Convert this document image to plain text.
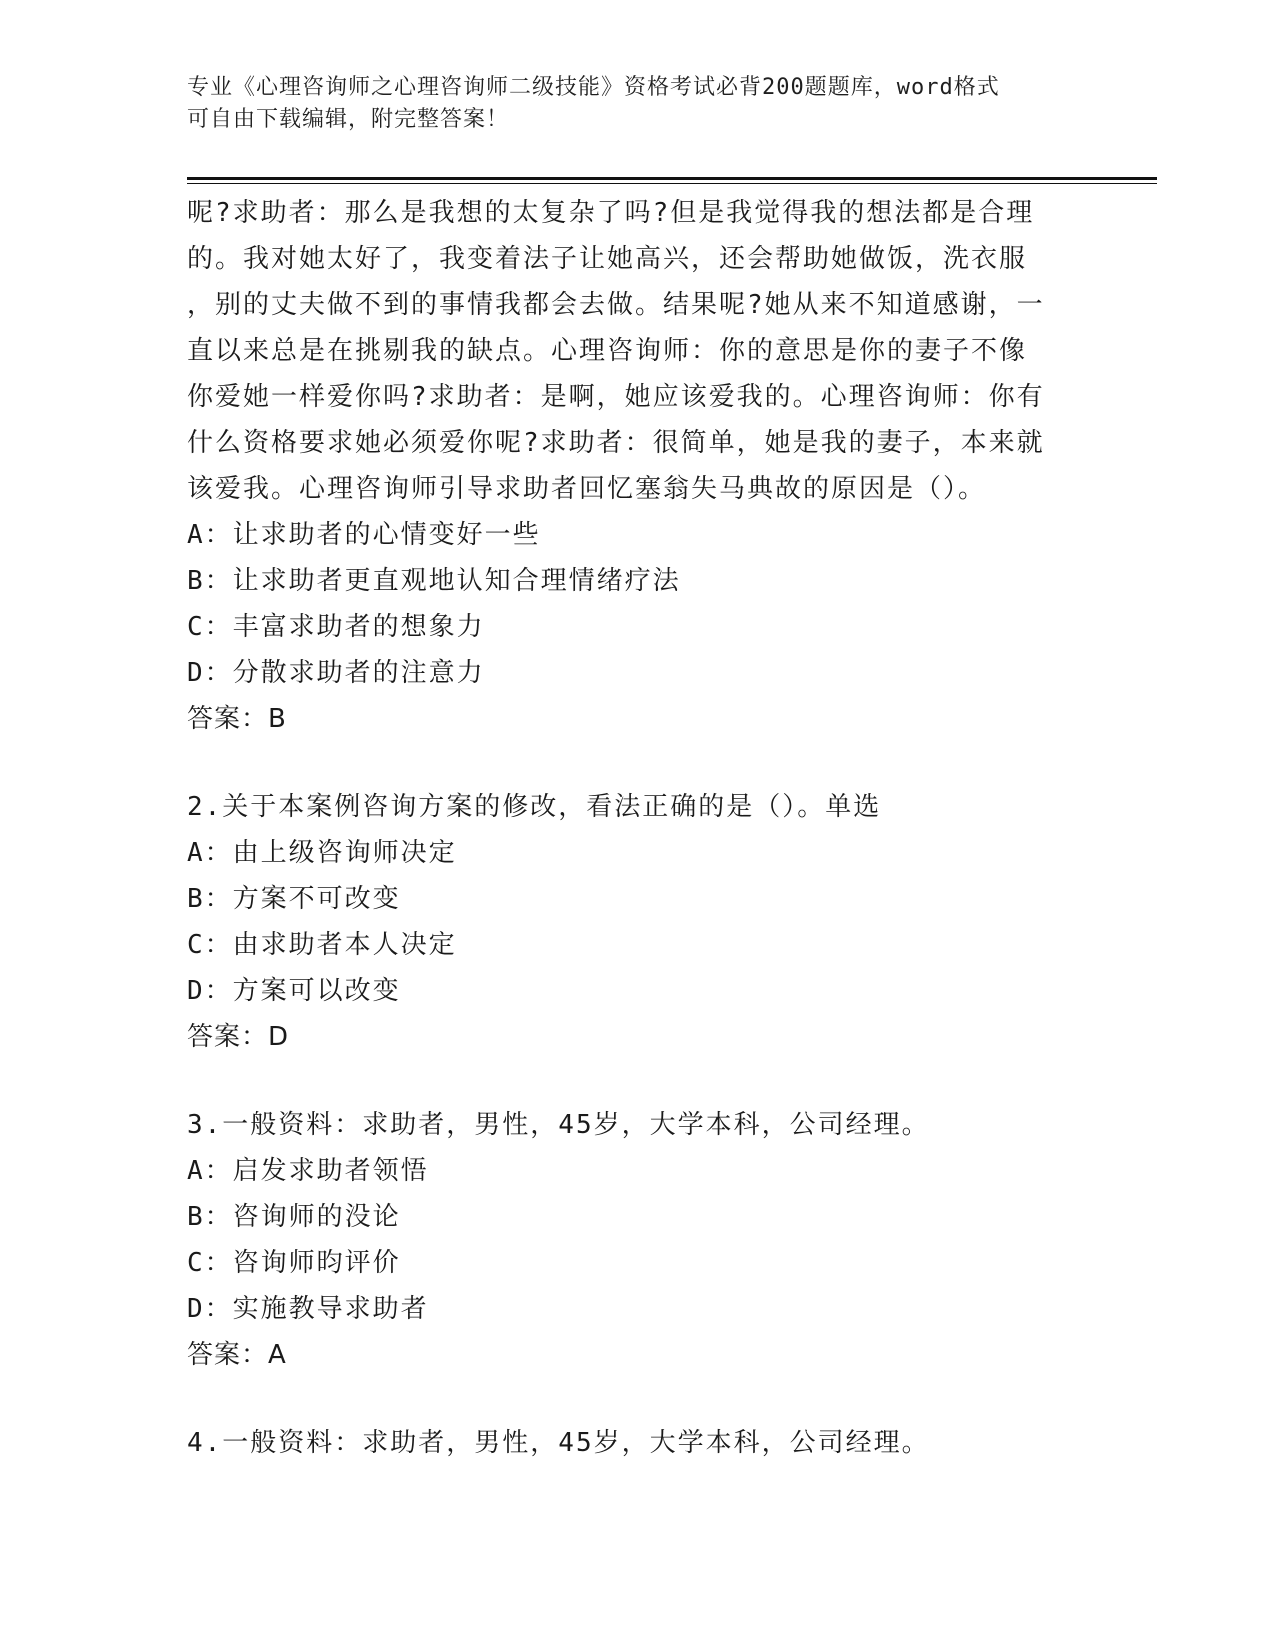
专业《心理咨询师之心理咨询师二级技能》资格考试必背200题题库，word格式
可自由下载编辑，附完整答案！
呢?求助者：那么是我想的太复杂了吗?但是我觉得我的想法都是合理
的。我对她太好了，我变着法子让她高兴，还会帮助她做饭，洗衣服
，别的丈夫做不到的事情我都会去做。结果呢?她从来不知道感谢，一
直以来总是在挑剔我的缺点。心理咨询师：你的意思是你的妻子不像
你爱她一样爱你吗?求助者：是啊，她应该爱我的。心理咨询师：你有
什么资格要求她必须爱你呢?求助者：很简单，她是我的妻子，本来就
该爱我。心理咨询师引导求助者回忆塞翁失马典故的原因是（）。
A：让求助者的心情变好一些
B：让求助者更直观地认知合理情绪疗法
C：丰富求助者的想象力
D：分散求助者的注意力
答案：B
2.关于本案例咨询方案的修改，看法正确的是（）。单选
A：由上级咨询师决定
B：方案不可改变
C：由求助者本人决定
D：方案可以改变
答案：D
3.一般资料：求助者，男性，45岁，大学本科，公司经理。
A：启发求助者领悟
B：咨询师的没论
C：咨询师昀评价
D：实施教导求助者
答案：A
4.一般资料：求助者，男性，45岁，大学本科，公司经理。
